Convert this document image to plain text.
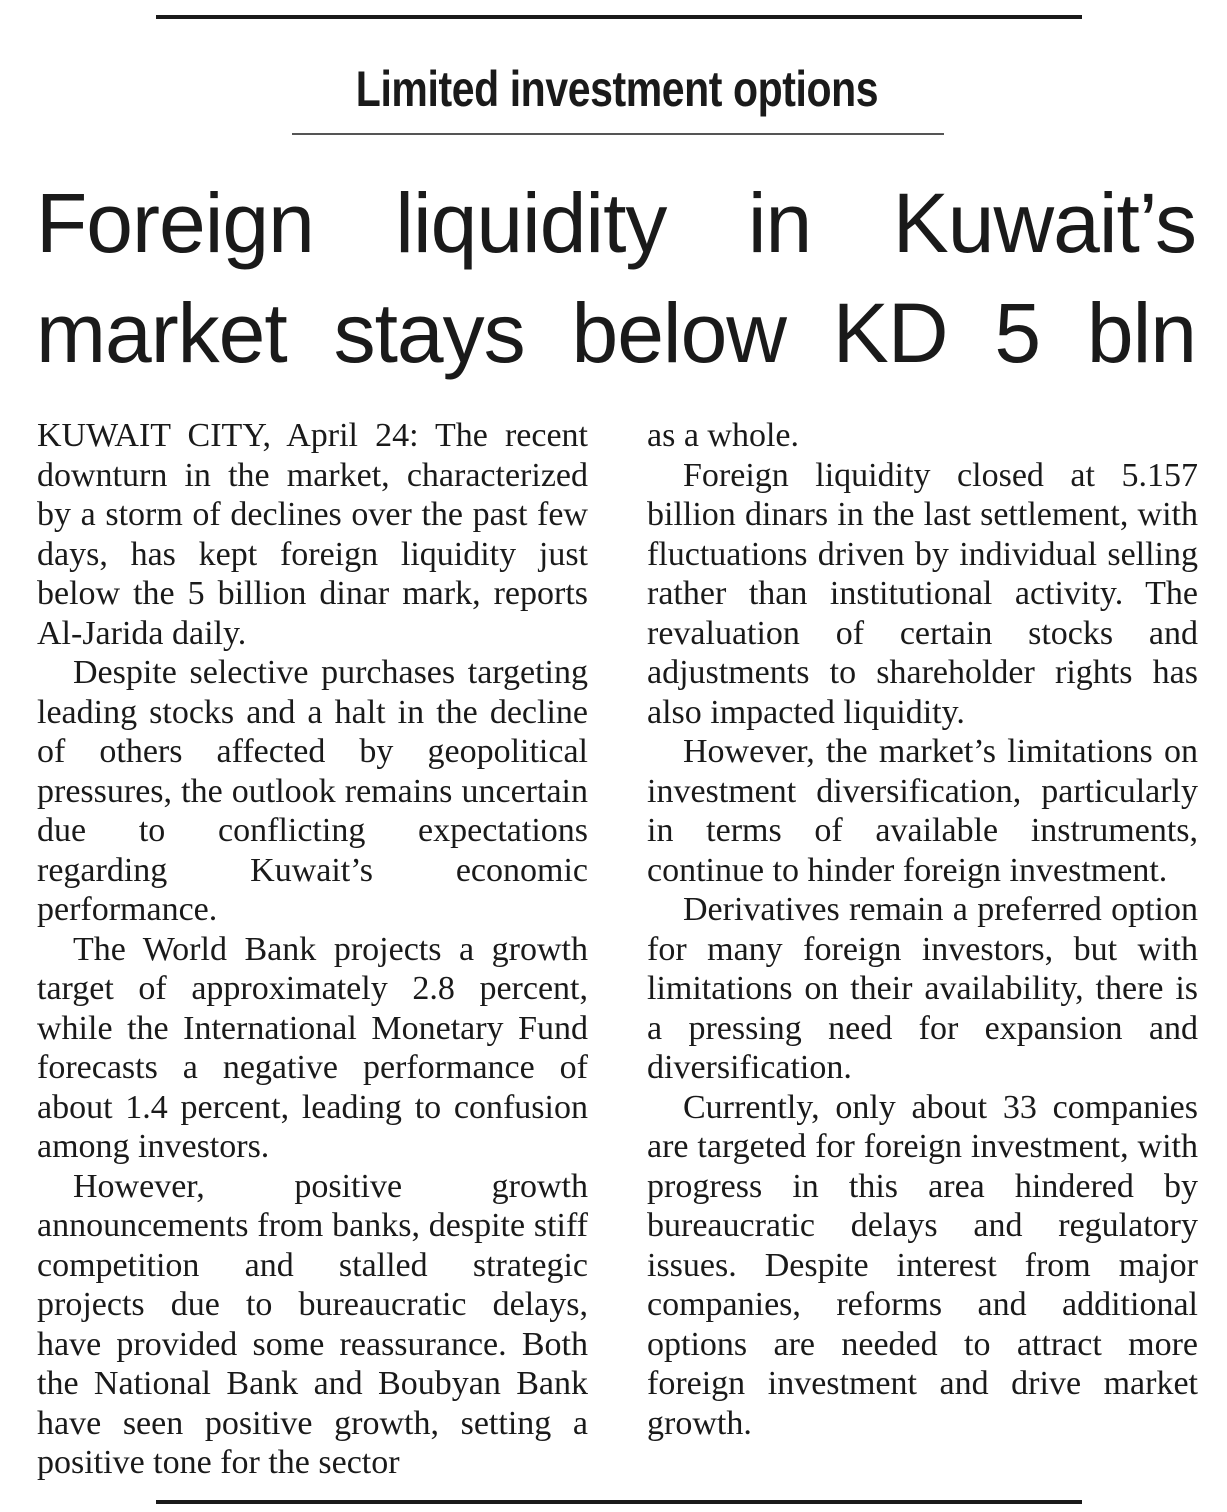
Limited investment options
Foreign liquidity in Kuwait’s market stays below KD 5 bln

KUWAIT CITY, April 24: The recent downturn in the market, characterized by a storm of declines over the past few days, has kept foreign liquidity just below the 5 billion dinar mark, reports Al-Jarida daily.

Despite selective purchases targeting leading stocks and a halt in the decline of others affected by geopolitical pressures, the outlook remains uncertain due to conflicting expectations regarding Kuwait’s economic performance.

The World Bank projects a growth target of approximately 2.8 percent, while the International Monetary Fund forecasts a negative performance of about 1.4 percent, leading to confusion among investors.

However, positive growth announcements from banks, despite stiff competition and stalled strategic projects due to bureaucratic delays, have provided some reassurance. Both the National Bank and Boubyan Bank have seen positive growth, setting a positive tone for the sector

as a whole.

Foreign liquidity closed at 5.157 billion dinars in the last settlement, with fluctuations driven by individual selling rather than institutional activity. The revaluation of certain stocks and adjustments to shareholder rights has also impacted liquidity.

However, the market’s limitations on investment diversification, particularly in terms of available instruments, continue to hinder foreign investment.

Derivatives remain a preferred option for many foreign investors, but with limitations on their availability, there is a pressing need for expansion and diversification.

Currently, only about 33 companies are targeted for foreign investment, with progress in this area hindered by bureaucratic delays and regulatory issues. Despite interest from major companies, reforms and additional options are needed to attract more foreign investment and drive market growth.
